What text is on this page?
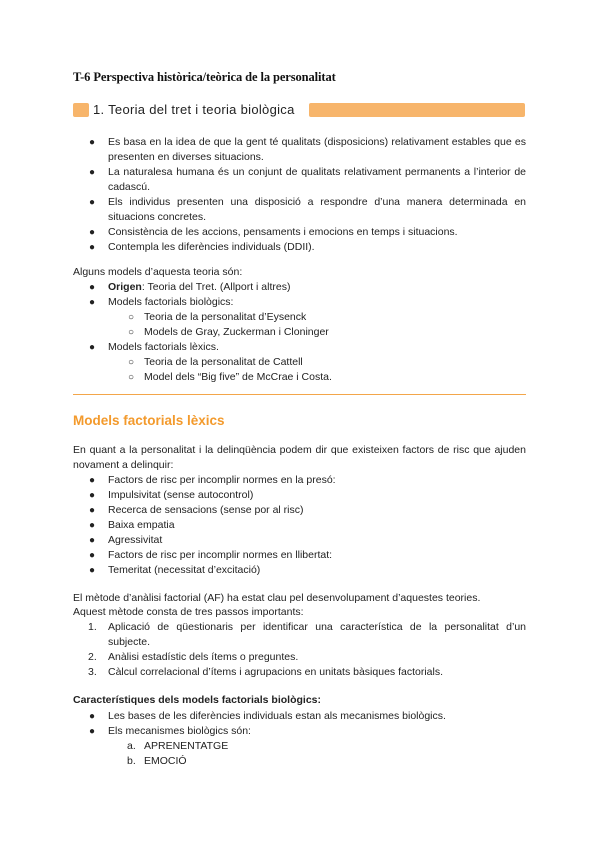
T-6 Perspectiva històrica/teòrica de la personalitat
1. Teoria del tret i teoria biològica
● Es basa en la idea de que la gent té qualitats (disposicions) relativament estables que es presenten en diverses situacions.
● La naturalesa humana és un conjunt de qualitats relativament permanents a l’interior de cadascú.
● Els individus presenten una disposició a respondre d’una manera determinada en situacions concretes.
● Consistència de les accions, pensaments i emocions en temps i situacions.
● Contempla les diferències individuals (DDII).
Alguns models d’aquesta teoria són:
● Origen: Teoria del Tret. (Allport i altres)
● Models factorials biològics:
○ Teoria de la personalitat d’Eysenck
○ Models de Gray, Zuckerman i Cloninger
● Models factorials lèxics.
○ Teoria de la personalitat de Cattell
○ Model dels “Big five” de McCrae i Costa.
Models factorials lèxics
En quant a la personalitat i la delinqüència podem dir que existeixen factors de risc que ajuden novament a delinquir:
● Factors de risc per incomplir normes en la presó:
● Impulsivitat (sense autocontrol)
● Recerca de sensacions (sense por al risc)
● Baixa empatia
● Agressivitat
● Factors de risc per incomplir normes en llibertat:
● Temeritat (necessitat d’excitació)
El mètode d’anàlisi factorial (AF) ha estat clau pel desenvolupament d’aquestes teories.
Aquest mètode consta de tres passos importants:
1. Aplicació de qüestionaris per identificar una característica de la personalitat d’un subjecte.
2. Anàlisi estadístic dels ítems o preguntes.
3. Càlcul correlacional d’ítems i agrupacions en unitats bàsiques factorials.
Característiques dels models factorials biològics:
● Les bases de les diferències individuals estan als mecanismes biològics.
● Els mecanismes biològics són:
a. APRENENTATGE
b. EMOCIÓ
